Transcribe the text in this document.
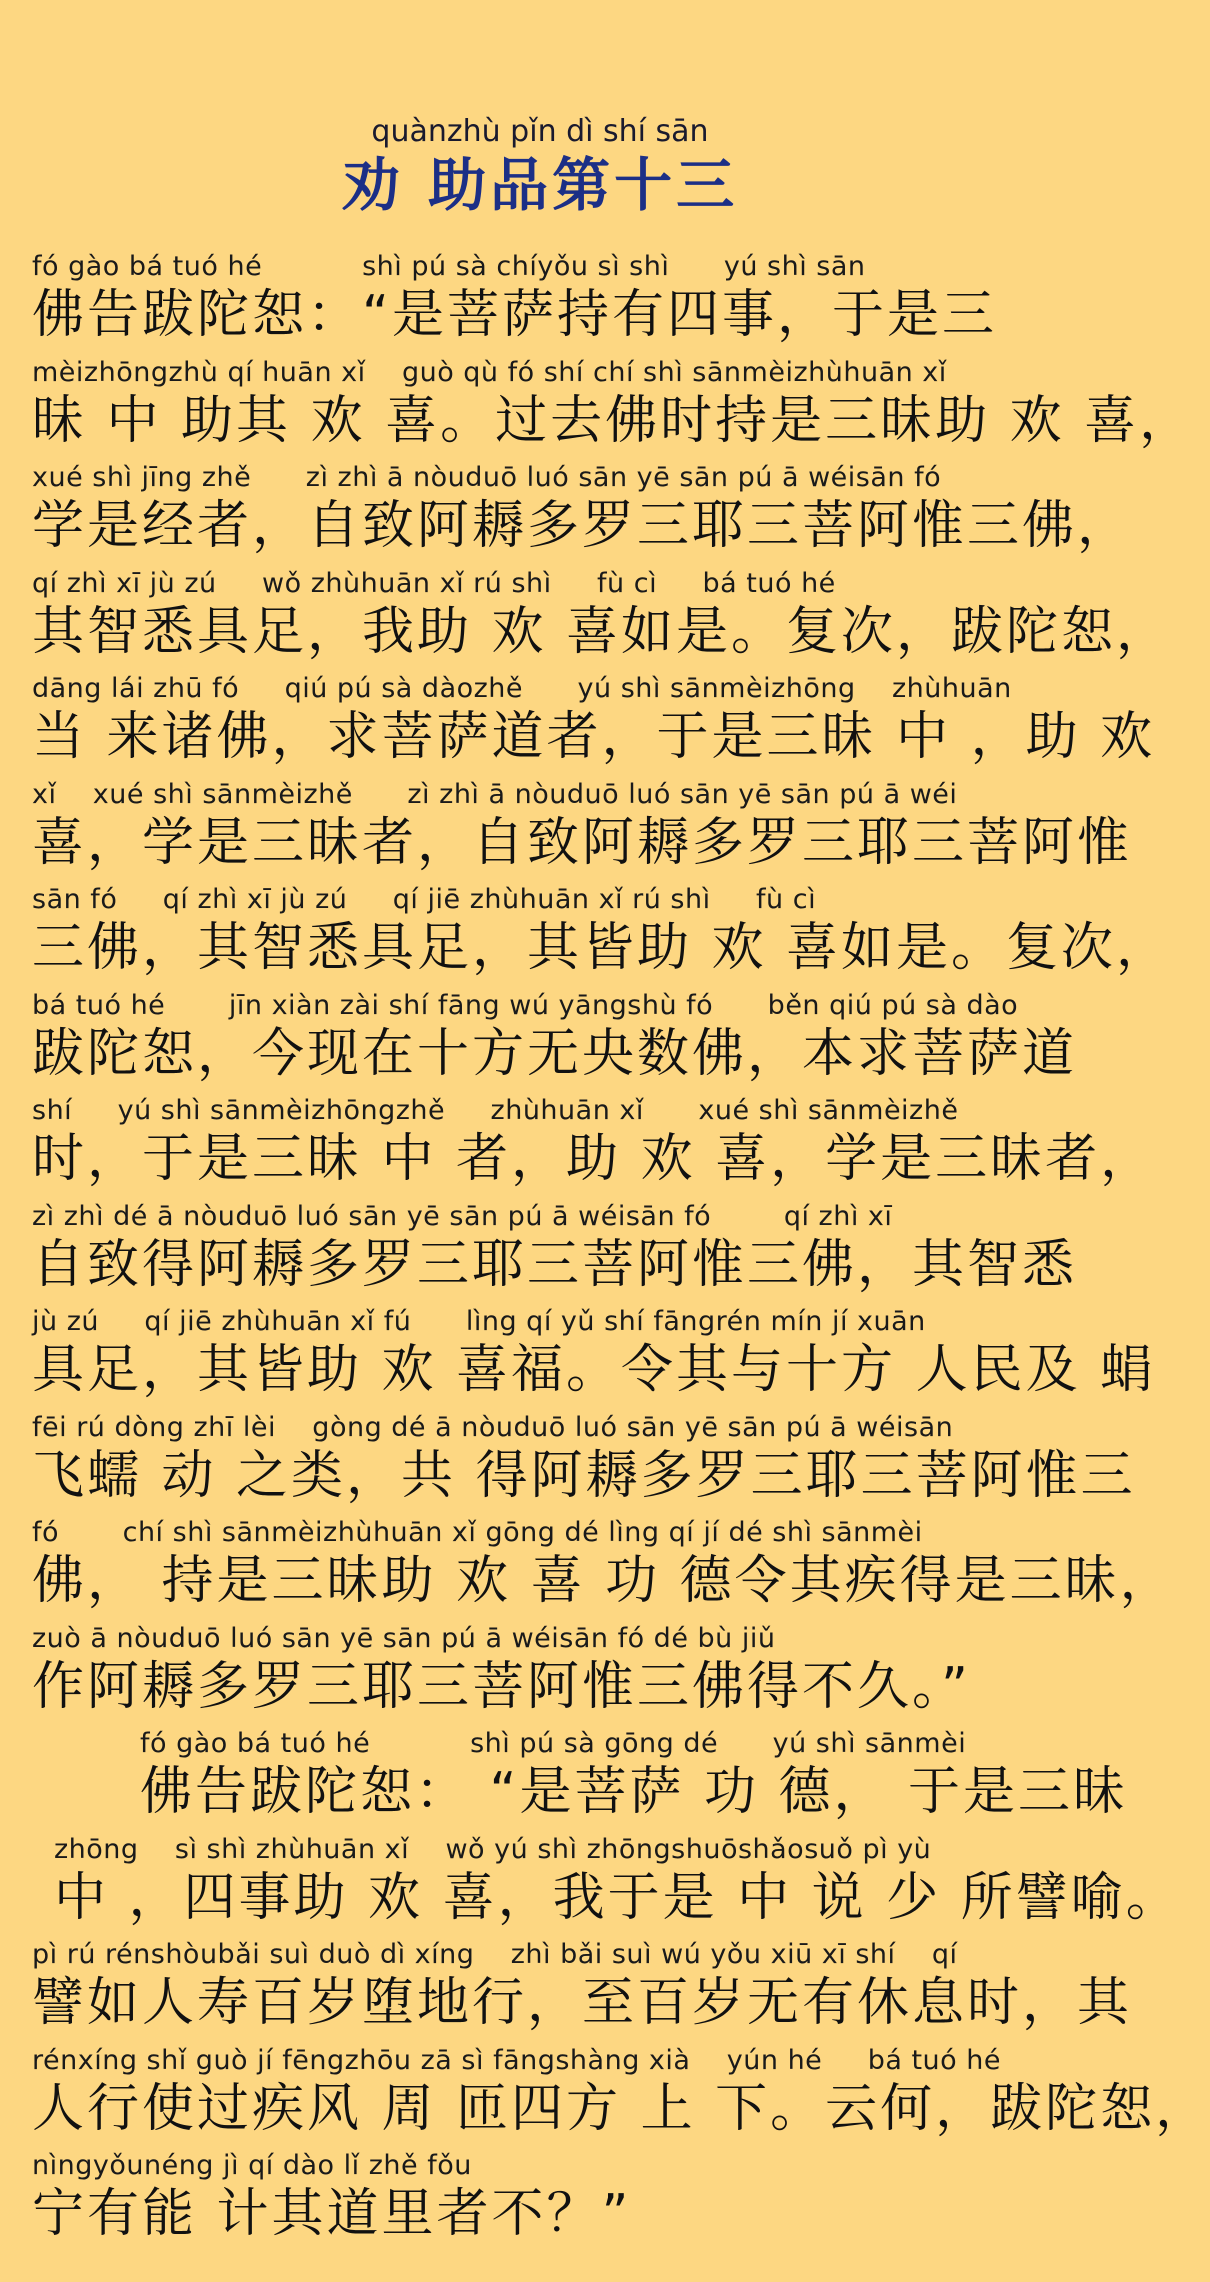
quànzhù pǐn dì shí sān
劝 助品第十三
fó gào bá tuó hé           shì pú sà chíyǒu sì shì      yú shì sān
佛告跋陀恕：“是菩萨持有四事，于是三
mèizhōngzhù qí huān xǐ    guò qù fó shí chí shì sānmèizhùhuān xǐ
昧 中 助其 欢 喜。过去佛时持是三昧助 欢 喜，
xué shì jīng zhě      zì zhì ā nòuduō luó sān yē sān pú ā wéisān fó
学是经者，自致阿耨多罗三耶三菩阿惟三佛，
qí zhì xī jù zú     wǒ zhùhuān xǐ rú shì     fù cì     bá tuó hé
其智悉具足，我助 欢 喜如是。复次，跋陀恕，
dāng lái zhū fó     qiú pú sà dàozhě      yú shì sānmèizhōng    zhùhuān
当 来诸佛，求菩萨道者，于是三昧 中 ，助 欢
xǐ    xué shì sānmèizhě      zì zhì ā nòuduō luó sān yē sān pú ā wéi
喜，学是三昧者，自致阿耨多罗三耶三菩阿惟
sān fó     qí zhì xī jù zú     qí jiē zhùhuān xǐ rú shì     fù cì
三佛，其智悉具足，其皆助 欢 喜如是。复次，
bá tuó hé       jīn xiàn zài shí fāng wú yāngshù fó      běn qiú pú sà dào
跋陀恕，今现在十方无央数佛，本求菩萨道
shí     yú shì sānmèizhōngzhě     zhùhuān xǐ      xué shì sānmèizhě
时，于是三昧 中 者，助 欢 喜，学是三昧者，
zì zhì dé ā nòuduō luó sān yē sān pú ā wéisān fó        qí zhì xī
自致得阿耨多罗三耶三菩阿惟三佛，其智悉
jù zú     qí jiē zhùhuān xǐ fú      lìng qí yǔ shí fāngrén mín jí xuān
具足，其皆助 欢 喜福。令其与十方 人民及 蜎
fēi rú dòng zhī lèi    gòng dé ā nòuduō luó sān yē sān pú ā wéisān
飞蠕 动 之类，共 得阿耨多罗三耶三菩阿惟三
fó       chí shì sānmèizhùhuān xǐ gōng dé lìng qí jí dé shì sānmèi
佛， 持是三昧助 欢 喜 功 德令其疾得是三昧，
zuò ā nòuduō luó sān yē sān pú ā wéisān fó dé bù jiǔ
作阿耨多罗三耶三菩阿惟三佛得不久。”
fó gào bá tuó hé           shì pú sà gōng dé      yú shì sānmèi
佛告跋陀恕： “是菩萨 功 德， 于是三昧
zhōng    sì shì zhùhuān xǐ    wǒ yú shì zhōngshuōshǎosuǒ pì yù
中 ，四事助 欢 喜，我于是 中 说 少 所譬喻。
pì rú rénshòubǎi suì duò dì xíng    zhì bǎi suì wú yǒu xiū xī shí    qí
譬如人寿百岁堕地行，至百岁无有休息时，其
rénxíng shǐ guò jí fēngzhōu zā sì fāngshàng xià    yún hé     bá tuó hé
人行使过疾风 周 匝四方 上 下。云何，跋陀恕，
nìngyǒunéng jì qí dào lǐ zhě fǒu
宁有能 计其道里者不？”
